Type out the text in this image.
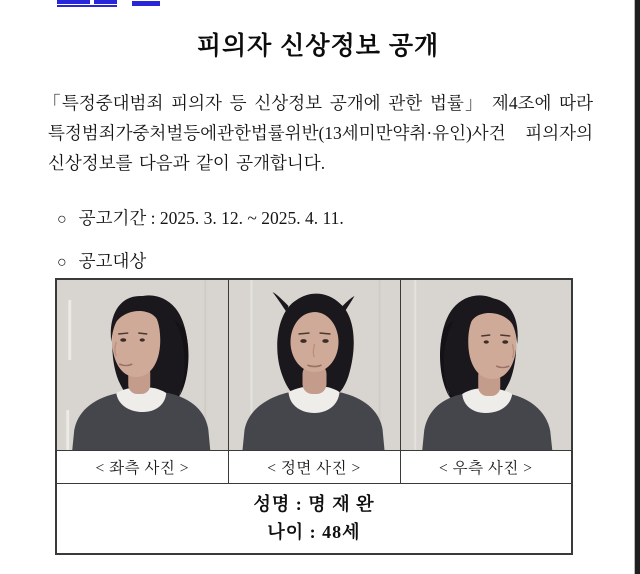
피의자 신상정보 공개
「특정중대범죄 피의자 등 신상정보 공개에 관한 법률」 제4조에 따라
특정범죄가중처벌등에관한법률위반(13세미만약취·유인)사건 피의자의
신상정보를 다음과 같이 공개합니다.
○ 공고기간 : 2025. 3. 12. ~ 2025. 4. 11.
○ 공고대상

< 좌측 사진 >	< 정면 사진 >	< 우측 사진 >

성명 : 명 재 완
나이 : 48세		
